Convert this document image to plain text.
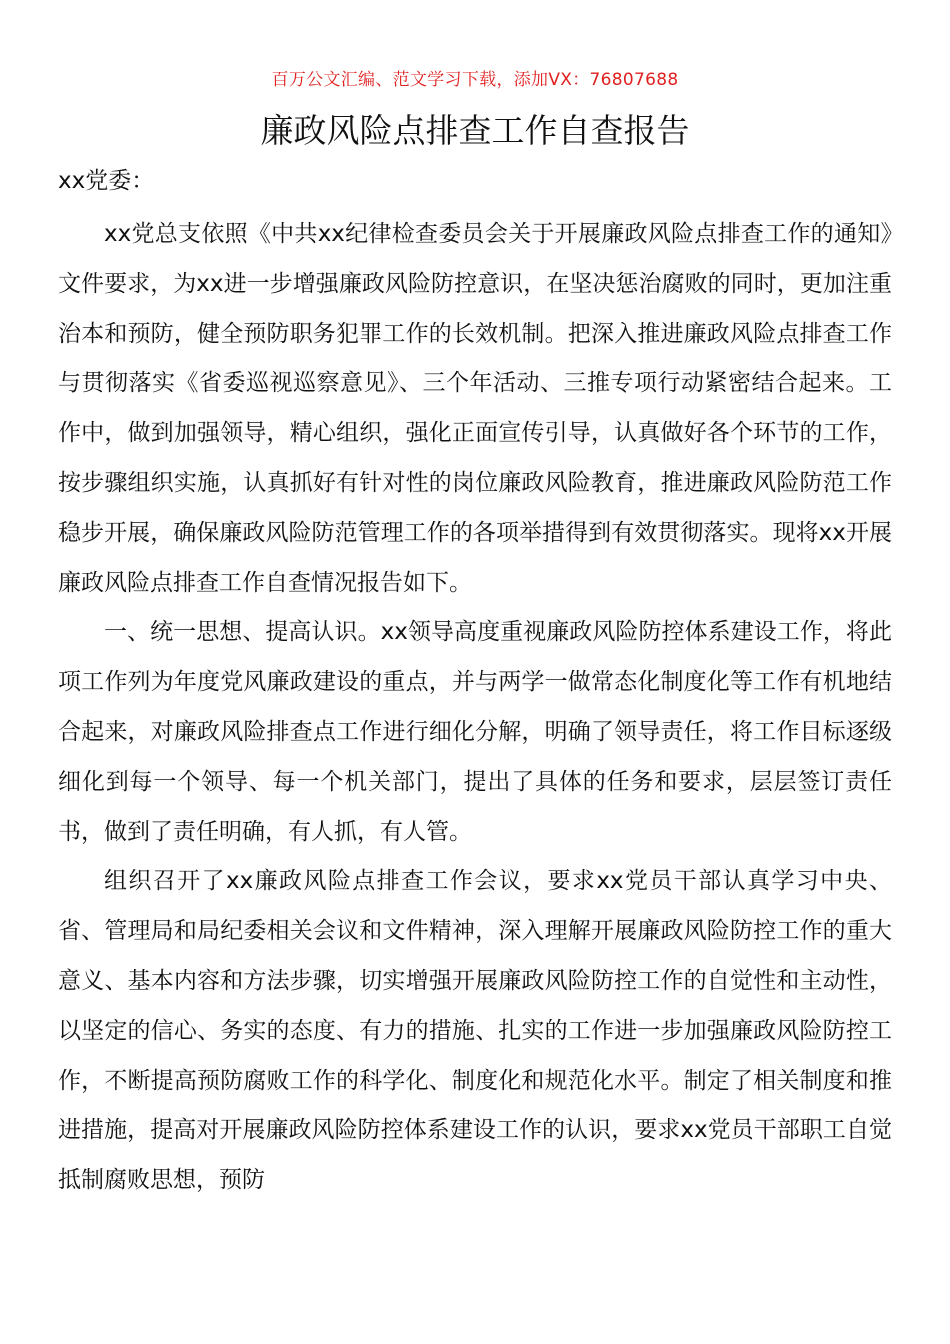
百万公文汇编、范文学习下载，添加VX：76807688
廉政风险点排查工作自查报告

xx党委：

xx党总支依照《中共xx纪律检查委员会关于开展廉政风险点排查工作的通知》文件要求，为xx进一步增强廉政风险防控意识，在坚决惩治腐败的同时，更加注重治本和预防，健全预防职务犯罪工作的长效机制。把深入推进廉政风险点排查工作与贯彻落实《省委巡视巡察意见》、三个年活动、三推专项行动紧密结合起来。工作中，做到加强领导，精心组织，强化正面宣传引导，认真做好各个环节的工作，按步骤组织实施，认真抓好有针对性的岗位廉政风险教育，推进廉政风险防范工作稳步开展，确保廉政风险防范管理工作的各项举措得到有效贯彻落实。现将xx开展廉政风险点排查工作自查情况报告如下。

一、统一思想、提高认识。xx领导高度重视廉政风险防控体系建设工作，将此项工作列为年度党风廉政建设的重点，并与两学一做常态化制度化等工作有机地结合起来，对廉政风险排查点工作进行细化分解，明确了领导责任，将工作目标逐级细化到每一个领导、每一个机关部门，提出了具体的任务和要求，层层签订责任书，做到了责任明确，有人抓，有人管。

组织召开了xx廉政风险点排查工作会议，要求xx党员干部认真学习中央、省、管理局和局纪委相关会议和文件精神，深入理解开展廉政风险防控工作的重大意义、基本内容和方法步骤，切实增强开展廉政风险防控工作的自觉性和主动性，以坚定的信心、务实的态度、有力的措施、扎实的工作进一步加强廉政风险防控工作，不断提高预防腐败工作的科学化、制度化和规范化水平。制定了相关制度和推进措施，提高对开展廉政风险防控体系建设工作的认识，要求xx党员干部职工自觉抵制腐败思想，预防
